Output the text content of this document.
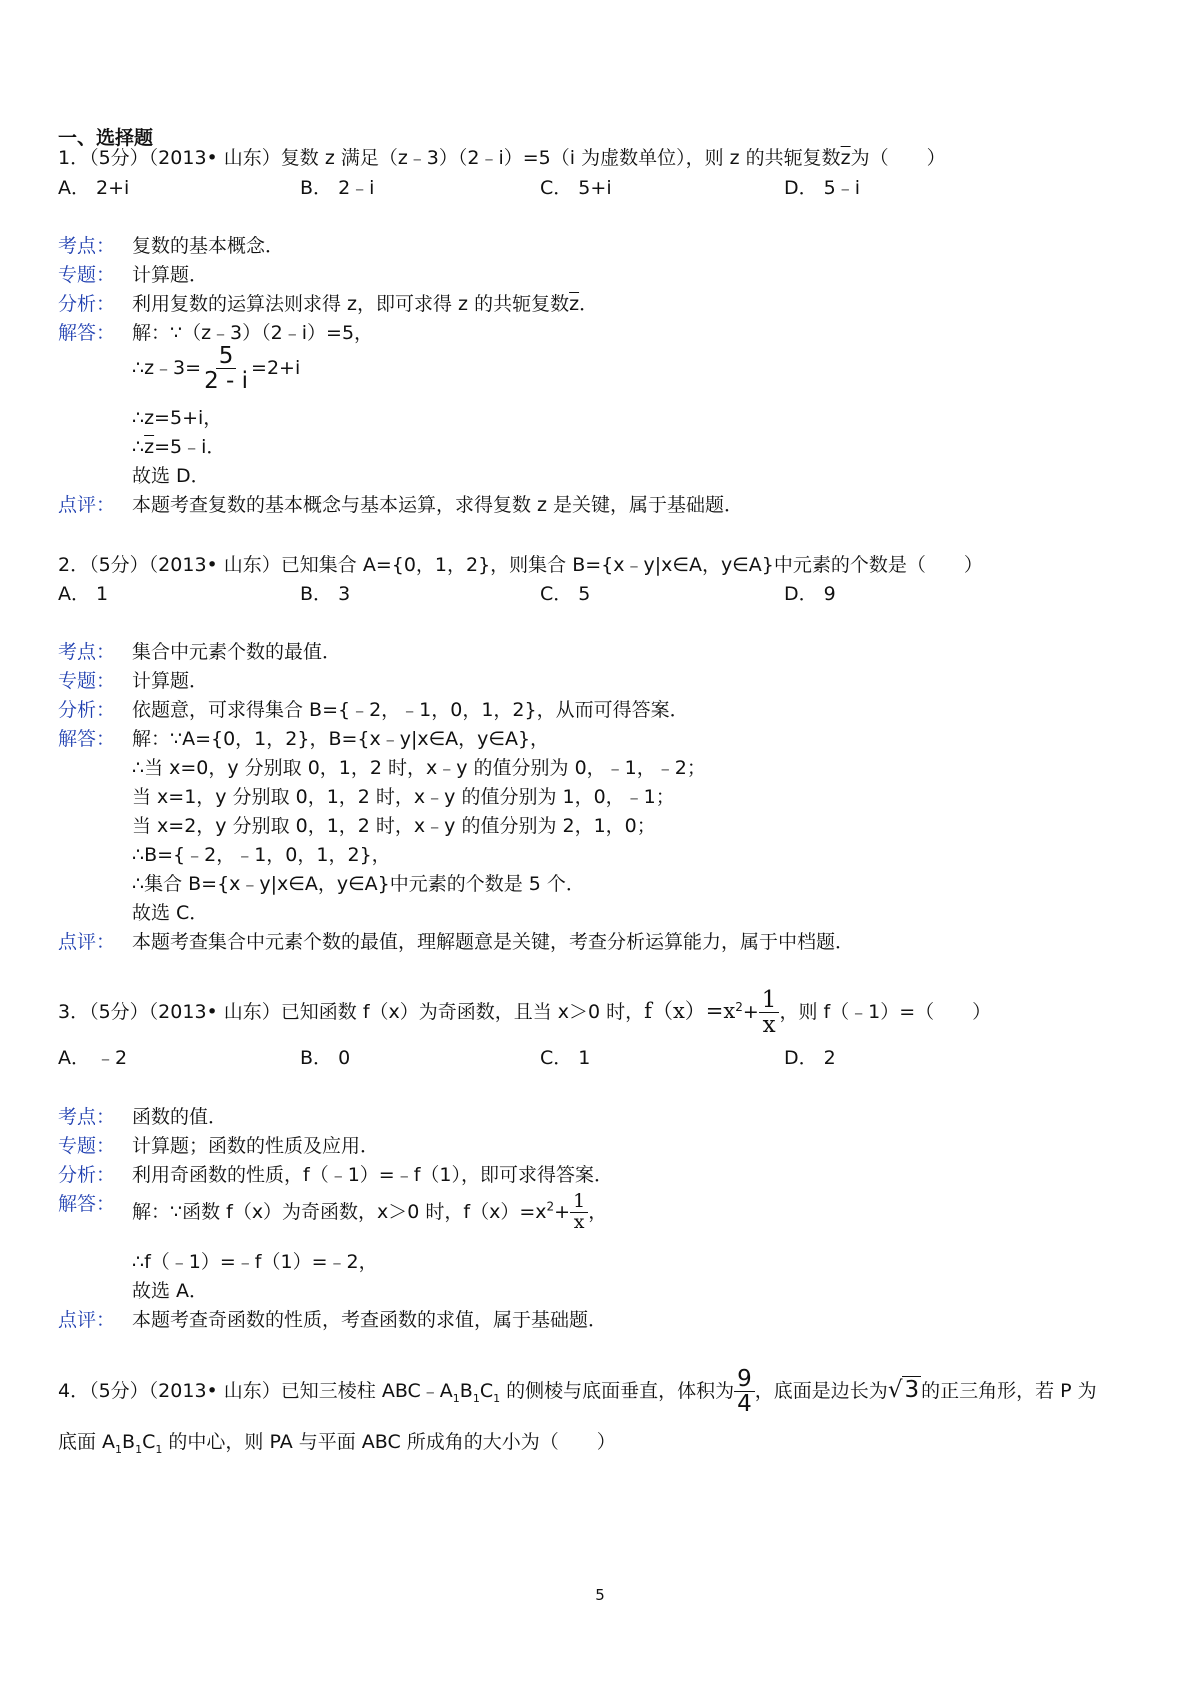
一、选择题
1．（5分）（2013• 山东）复数 z 满足（z﹣3）（2﹣i）=5（i 为虚数单位），则 z 的共轭复数$\overline{z}$为（　　）
A． 2+i	B． 2﹣i	C． 5+i	D． 5﹣i
考点： 复数的基本概念．
专题： 计算题．
分析： 利用复数的运算法则求得 z，即可求得 z 的共轭复数$\overline{z}$．
解答： 解：∵（z﹣3）（2﹣i）=5，
∴z﹣3= $\frac{5}{2 - i} =2+i$
∴z=5+i，
$\therefore\overline{z}=5﹣i$．
故选 D．
点评： 本题考查复数的基本概念与基本运算，求得复数 z 是关键，属于基础题．
2．（5分）（2013• 山东）已知集合 A={0，1，2}，则集合 B={x﹣y|x∈A，y∈A}中元素的个数是（　　）
A． 1	B． 3	C． 5	D． 9
考点： 集合中元素个数的最值．
专题： 计算题．
分析： 依题意，可求得集合 B={﹣2，﹣1，0，1，2}，从而可得答案．
解答： 解：∵A={0，1，2}，B={x﹣y|x∈A，y∈A}，
∴当 x=0，y 分别取 0，1，2 时，x﹣y 的值分别为 0，﹣1，﹣2；
当 x=1，y 分别取 0，1，2 时，x﹣y 的值分别为 1，0，﹣1；
当 x=2，y 分别取 0，1，2 时，x﹣y 的值分别为 2，1，0；
∴B={﹣2，﹣1，0，1，2}，
∴集合 B={x﹣y|x∈A，y∈A}中元素的个数是 5 个．
故选 C．
点评： 本题考查集合中元素个数的最值，理解题意是关键，考查分析运算能力，属于中档题．
3．（5分）（2013• 山东）已知函数 f（x）为奇函数，且当 x＞0 时，$f(x)=x^2+ \frac{1}{x}$ ，则 f（﹣1）=（　　）
A． ﹣2	B． 0	C． 1	D． 2
考点： 函数的值．
专题： 计算题；函数的性质及应用．
分析： 利用奇函数的性质，f（﹣1）=﹣f（1），即可求得答案．
解答： 解：∵函数 f（x）为奇函数，x＞0 时，$f(x)=x^2+ \frac{1}{x}$ ，
∴f（﹣1）=﹣f（1）=﹣2，
故选 A．
点评： 本题考查奇函数的性质，考查函数的求值，属于基础题．
4．（5分）（2013• 山东）已知三棱柱 $ABC﹣A_1B_1C_1$ 的侧棱与底面垂直，体积为 $\frac{9}{4}$ ，底面是边长为√3 的正三角形，若 P 为
底面 $A_1B_1C_1$ 的中心，则 PA 与平面 ABC 所成角的大小为（　　）
5
